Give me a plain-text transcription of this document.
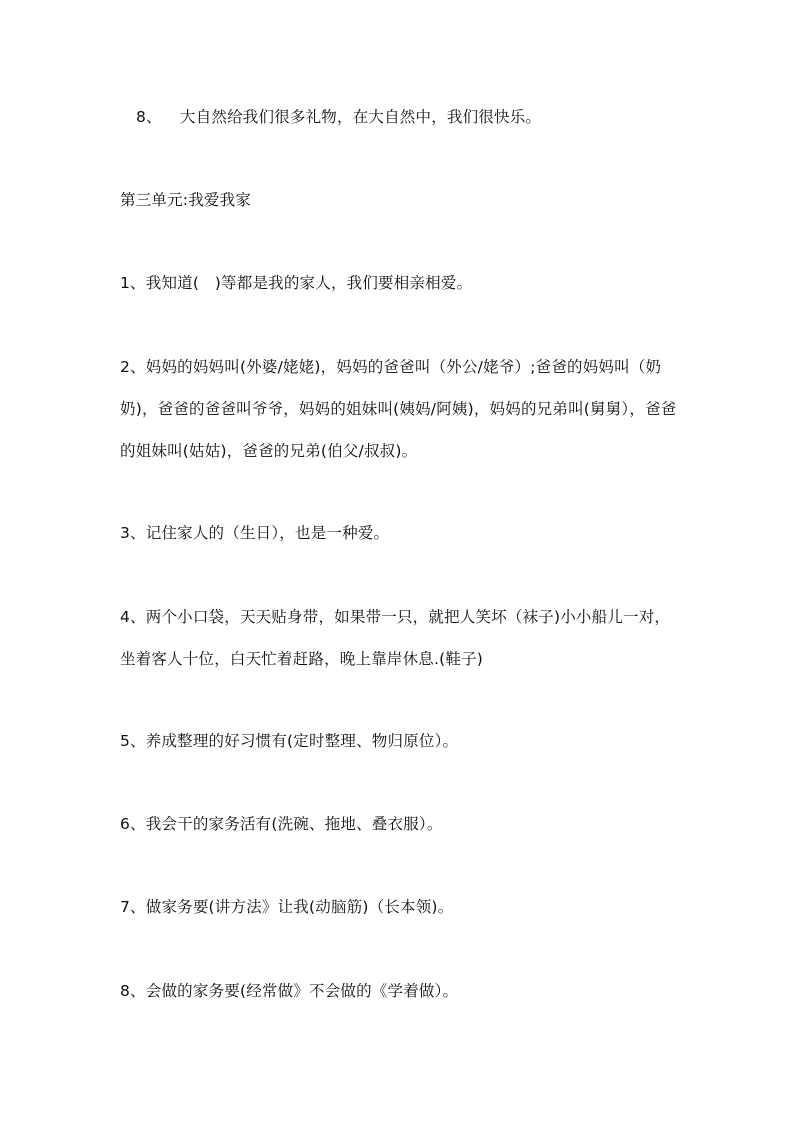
8、 大自然给我们很多礼物，在大自然中，我们很快乐。
第三单元:我爱我家
1、我知道(　)等都是我的家人，我们要相亲相爱。
2、妈妈的妈妈叫(外婆/姥姥)，妈妈的爸爸叫（外公/姥爷）;爸爸的妈妈叫（奶奶)，爸爸的爸爸叫爷爷，妈妈的姐妹叫(姨妈/阿姨)，妈妈的兄弟叫(舅舅），爸爸的姐妹叫(姑姑)，爸爸的兄弟(伯父/叔叔)。
3、记住家人的（生日），也是一种爱。
4、两个小口袋，天天贴身带，如果带一只，就把人笑坏（袜子)小小船儿一对，坐着客人十位，白天忙着赶路，晚上靠岸休息.(鞋子)
5、养成整理的好习惯有(定时整理、物归原位）。
6、我会干的家务活有(洗碗、拖地、叠衣服）。
7、做家务要(讲方法》让我(动脑筋)（长本领)。
8、会做的家务要(经常做》不会做的《学着做）。
